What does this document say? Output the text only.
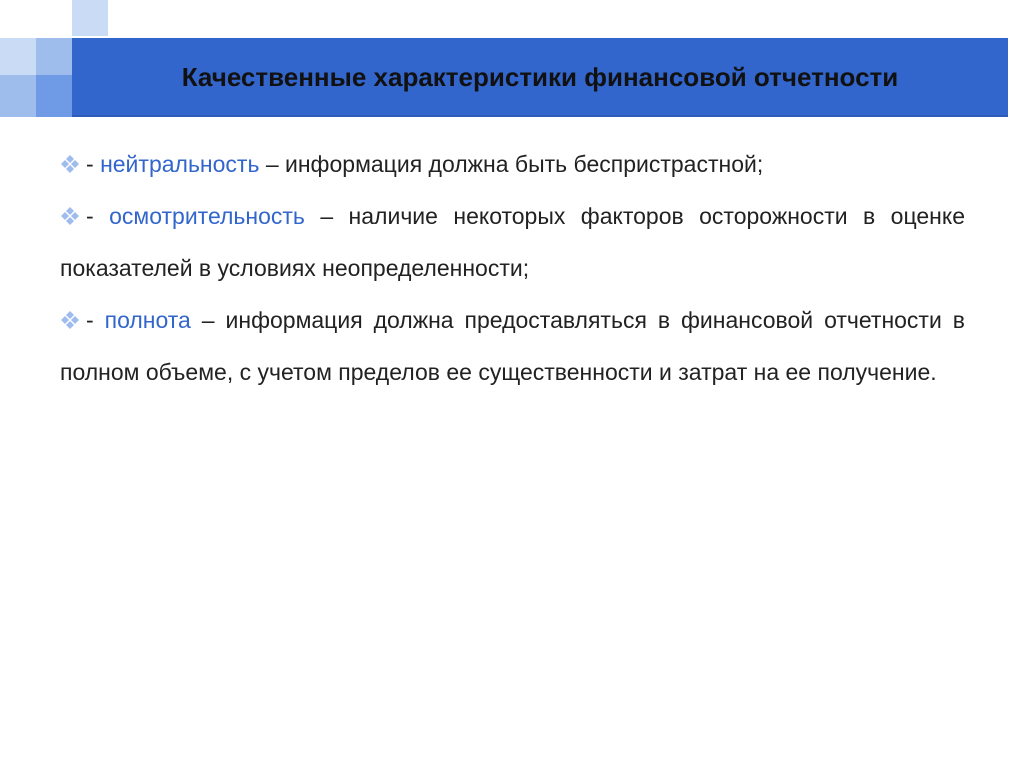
Качественные характеристики финансовой отчетности
- нейтральность – информация должна быть беспристрастной;
- осмотрительность – наличие некоторых факторов осторожности в оценке показателей в условиях неопределенности;
- полнота – информация должна предоставляться в финансовой отчетности в полном объеме, с учетом пределов ее существенности и затрат на ее получение.
